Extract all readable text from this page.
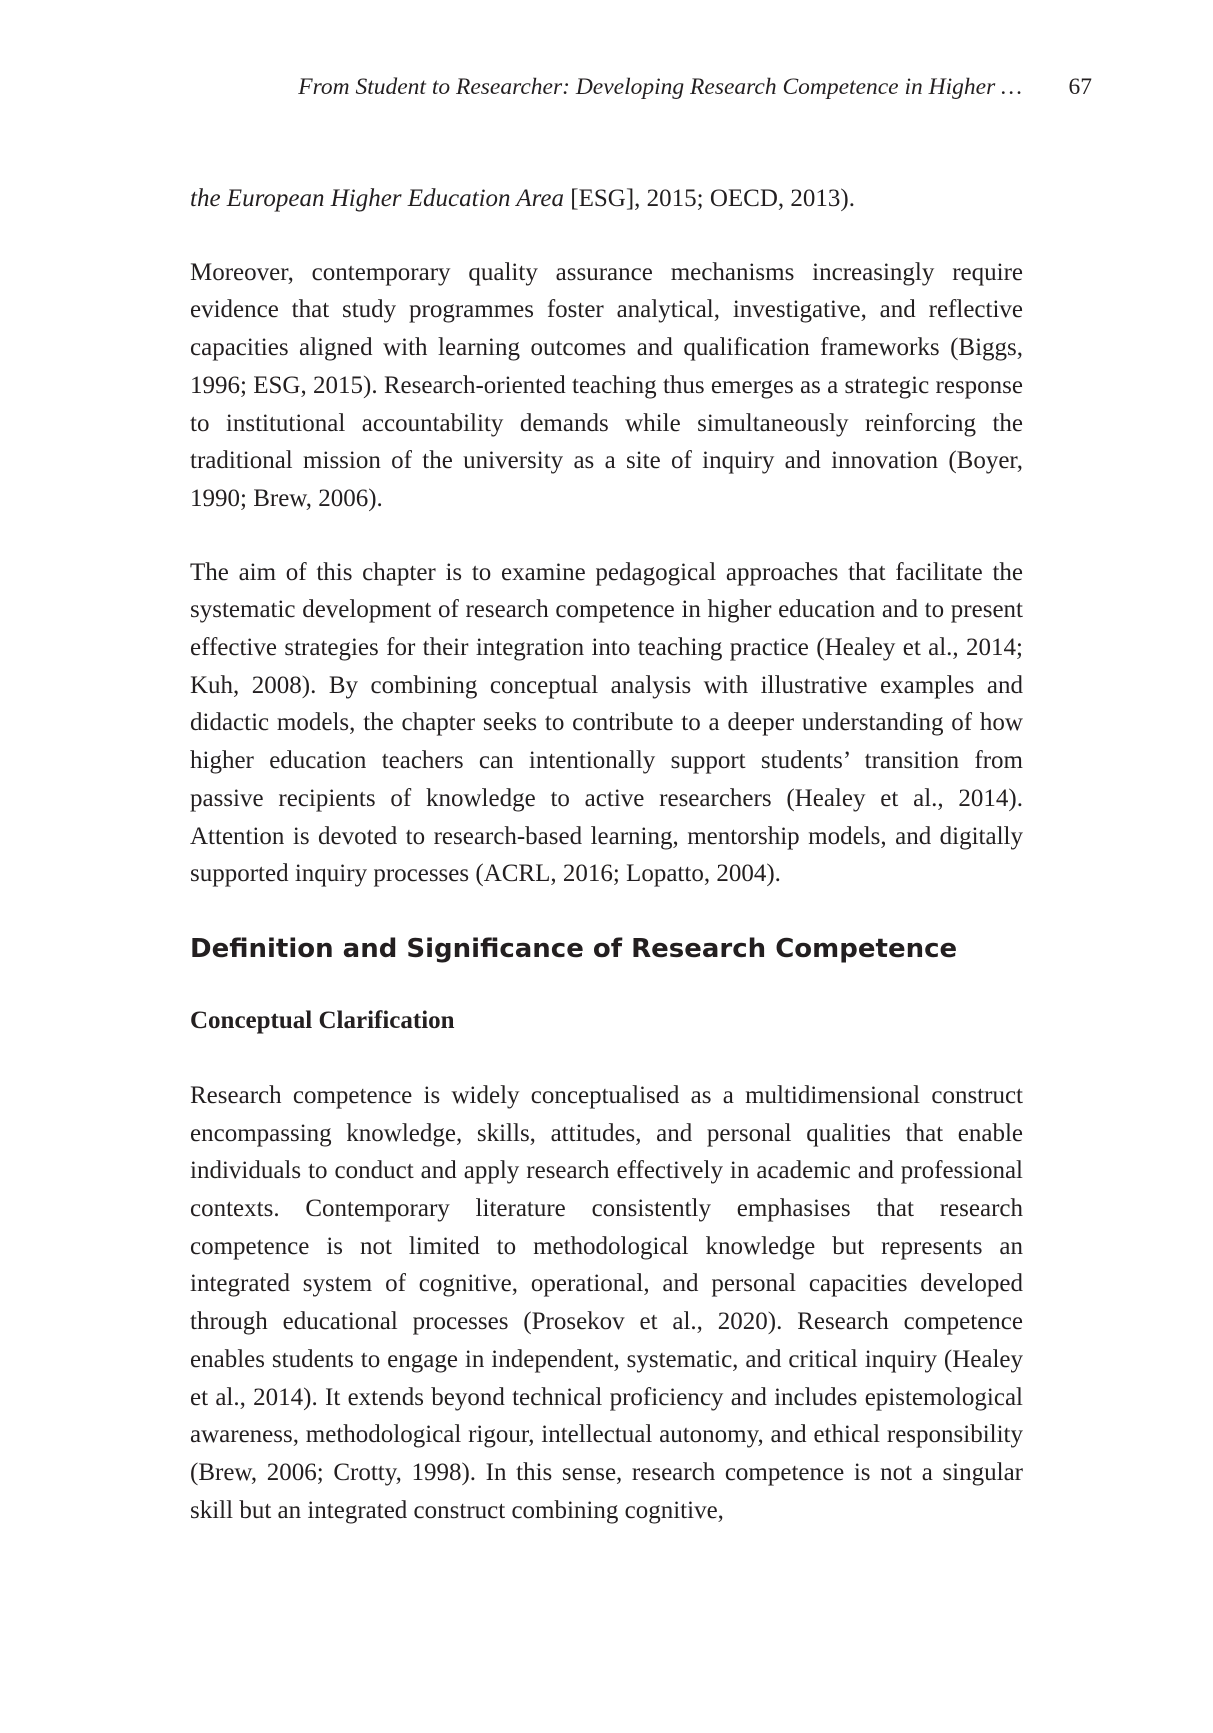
From Student to Researcher: Developing Research Competence in Higher … 67

the European Higher Education Area [ESG], 2015; OECD, 2013).

Moreover, contemporary quality assurance mechanisms increasingly require evidence that study programmes foster analytical, investigative, and reflective capacities aligned with learning outcomes and qualification frameworks (Biggs, 1996; ESG, 2015). Research-oriented teaching thus emerges as a strategic response to institutional accountability demands while simultaneously reinforcing the traditional mission of the university as a site of inquiry and innovation (Boyer, 1990; Brew, 2006).

The aim of this chapter is to examine pedagogical approaches that facilitate the systematic development of research competence in higher education and to present effective strategies for their integration into teaching practice (Healey et al., 2014; Kuh, 2008). By combining conceptual analysis with illustrative examples and didactic models, the chapter seeks to contribute to a deeper understanding of how higher education teachers can intentionally support students’ transition from passive recipients of knowledge to active researchers (Healey et al., 2014). Attention is devoted to research-based learning, mentorship models, and digitally supported inquiry processes (ACRL, 2016; Lopatto, 2004).

Definition and Significance of Research Competence
Conceptual Clarification

Research competence is widely conceptualised as a multidimensional construct encompassing knowledge, skills, attitudes, and personal qualities that enable individuals to conduct and apply research effectively in academic and professional contexts. Contemporary literature consistently emphasises that research competence is not limited to methodological knowledge but represents an integrated system of cognitive, operational, and personal capacities developed through educational processes (Prosekov et al., 2020). Research competence enables students to engage in independent, systematic, and critical inquiry (Healey et al., 2014). It extends beyond technical proficiency and includes epistemological awareness, methodological rigour, intellectual autonomy, and ethical responsibility (Brew, 2006; Crotty, 1998). In this sense, research competence is not a singular skill but an integrated construct combining cognitive,
